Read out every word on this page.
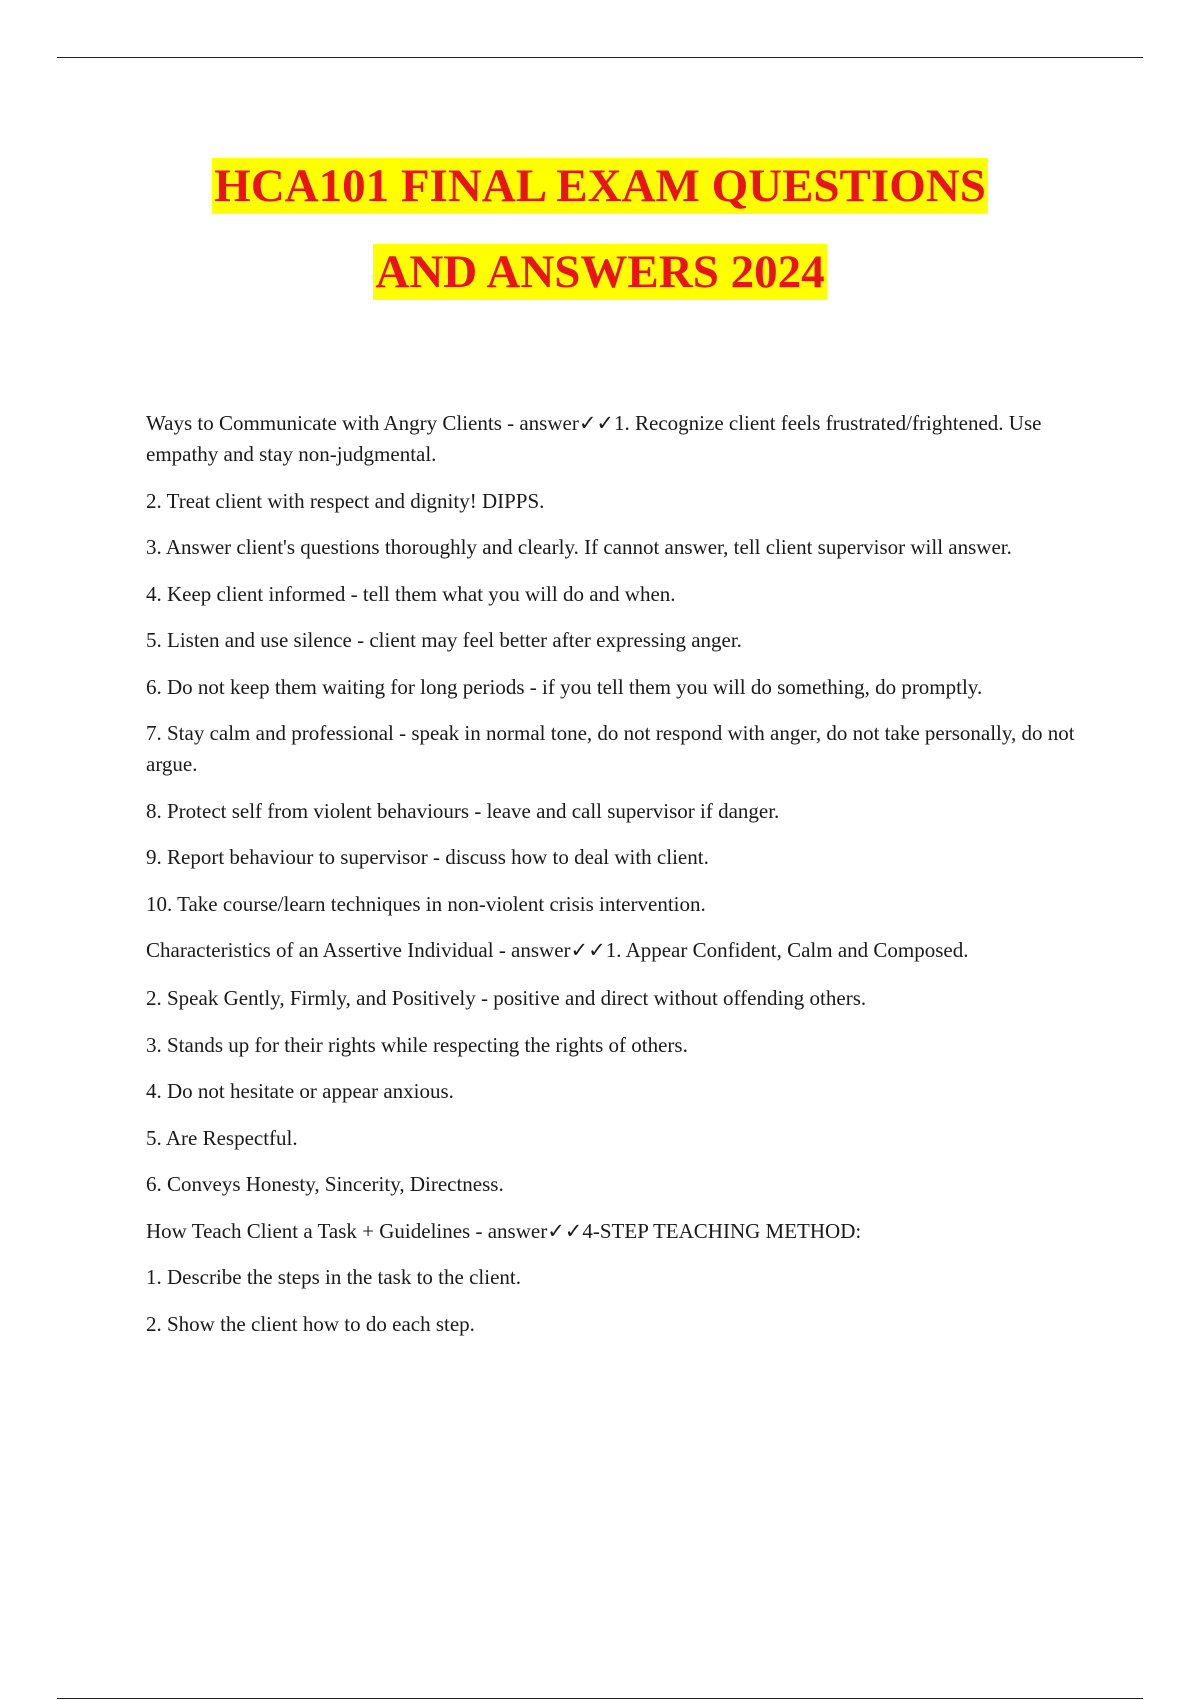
HCA101 FINAL EXAM QUESTIONS
AND ANSWERS 2024

Ways to Communicate with Angry Clients - answer✓✓1. Recognize client feels frustrated/frightened. Use empathy and stay non-judgmental.

2. Treat client with respect and dignity! DIPPS.

3. Answer client's questions thoroughly and clearly. If cannot answer, tell client supervisor will answer.

4. Keep client informed - tell them what you will do and when.

5. Listen and use silence - client may feel better after expressing anger.

6. Do not keep them waiting for long periods - if you tell them you will do something, do promptly.

7. Stay calm and professional - speak in normal tone, do not respond with anger, do not take personally, do not argue.

8. Protect self from violent behaviours - leave and call supervisor if danger.

9. Report behaviour to supervisor - discuss how to deal with client.

10. Take course/learn techniques in non-violent crisis intervention.

Characteristics of an Assertive Individual - answer✓✓1. Appear Confident, Calm and Composed.

2. Speak Gently, Firmly, and Positively - positive and direct without offending others.

3. Stands up for their rights while respecting the rights of others.

4. Do not hesitate or appear anxious.

5. Are Respectful.

6. Conveys Honesty, Sincerity, Directness.

How Teach Client a Task + Guidelines - answer✓✓4-STEP TEACHING METHOD:

1. Describe the steps in the task to the client.

2. Show the client how to do each step.
